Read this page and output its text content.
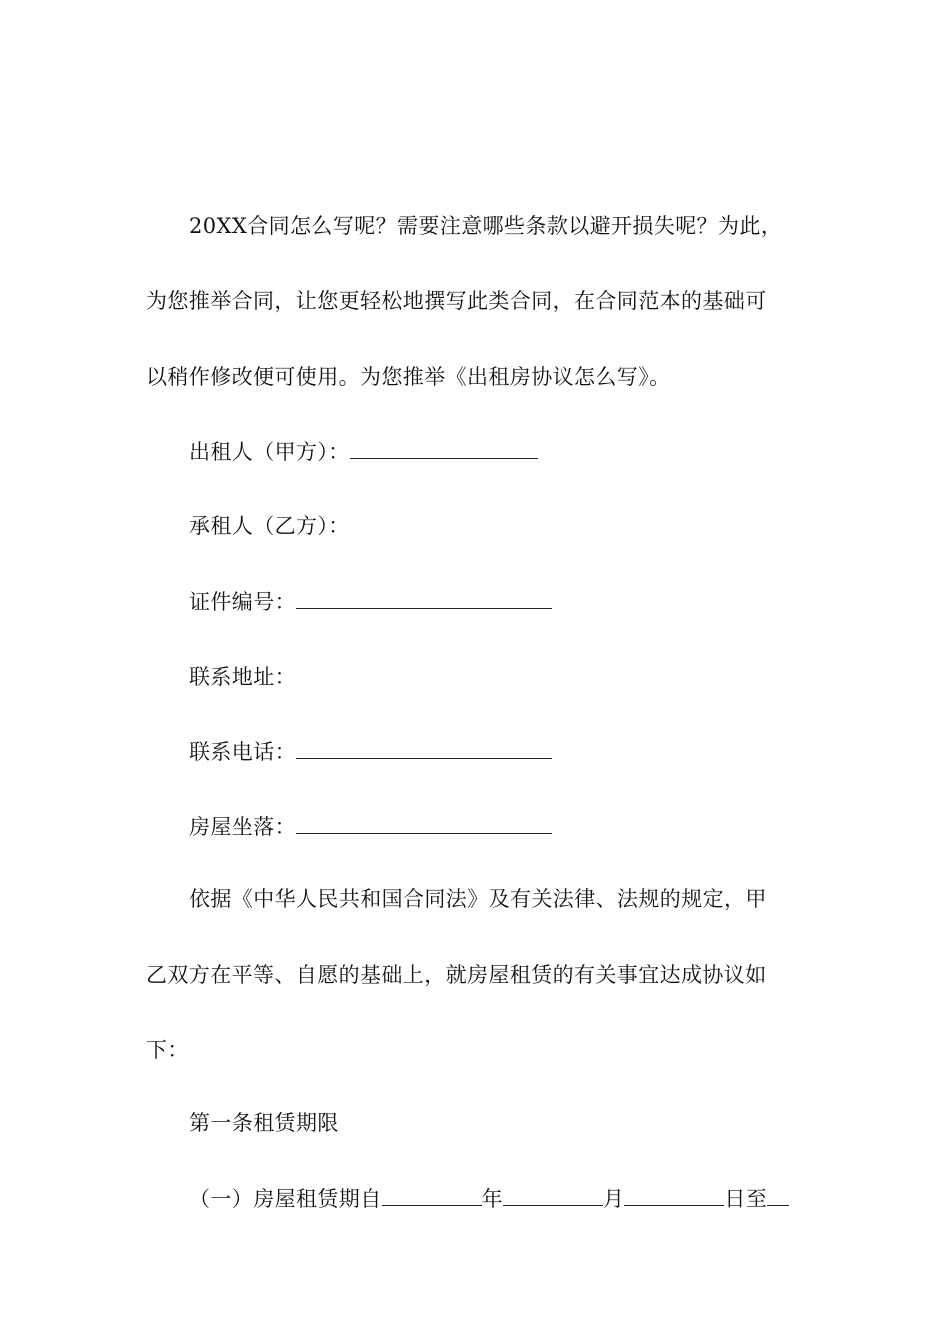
20XX合同怎么写呢？需要注意哪些条款以避开损失呢？为此，
为您推举合同，让您更轻松地撰写此类合同，在合同范本的基础可
以稍作修改便可使用。为您推举《出租房协议怎么写》。
出租人（甲方）：
承租人（乙方）：
证件编号：
联系地址：
联系电话：
房屋坐落：
依据《中华人民共和国合同法》及有关法律、法规的规定，甲
乙双方在平等、自愿的基础上，就房屋租赁的有关事宜达成协议如
下：
第一条租赁期限
（一）房屋租赁期自	年	月	日至
